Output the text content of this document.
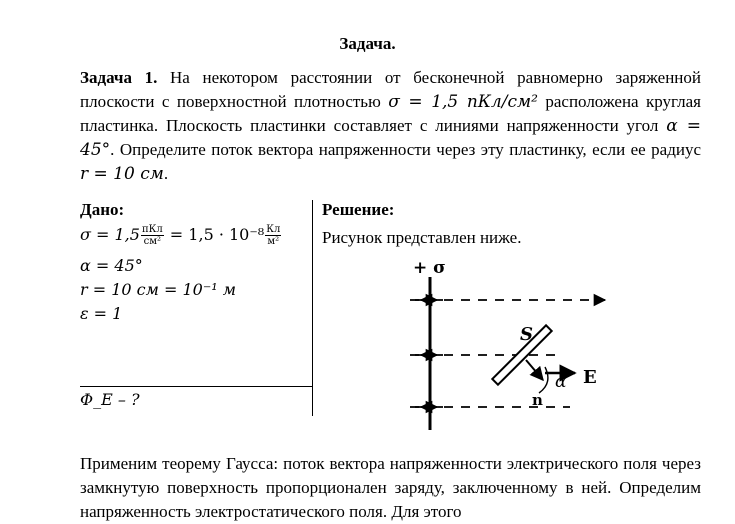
Задача.
Задача 1. На некотором расстоянии от бесконечной равномерно заряженной плоскости с поверхностной плотностью σ = 1,5 пКл/см² расположена круглая пластинка. Плоскость пластинки составляет с линиями напряженности угол α = 45°. Определите поток вектора напряженности через эту пластинку, если ее радиус r = 10 см.
Дано:
$\sigma = 1,5 \frac{\text{пКл}}{\text{см²}} = 1,5 \cdot 10^{-8} \frac{Кл}{\text{м²}}$
α = 45°
r = 10 см = 10⁻¹ м
ε = 1
Φ_E – ?
Решение:
Рисунок представлен ниже.
+ σ
S
E
α
n
Применим теорему Гаусса: поток вектора напряженности электрического поля через замкнутую поверхность пропорционален заряду, заключенному в ней. Определим напряженность электростатического поля. Для этого
